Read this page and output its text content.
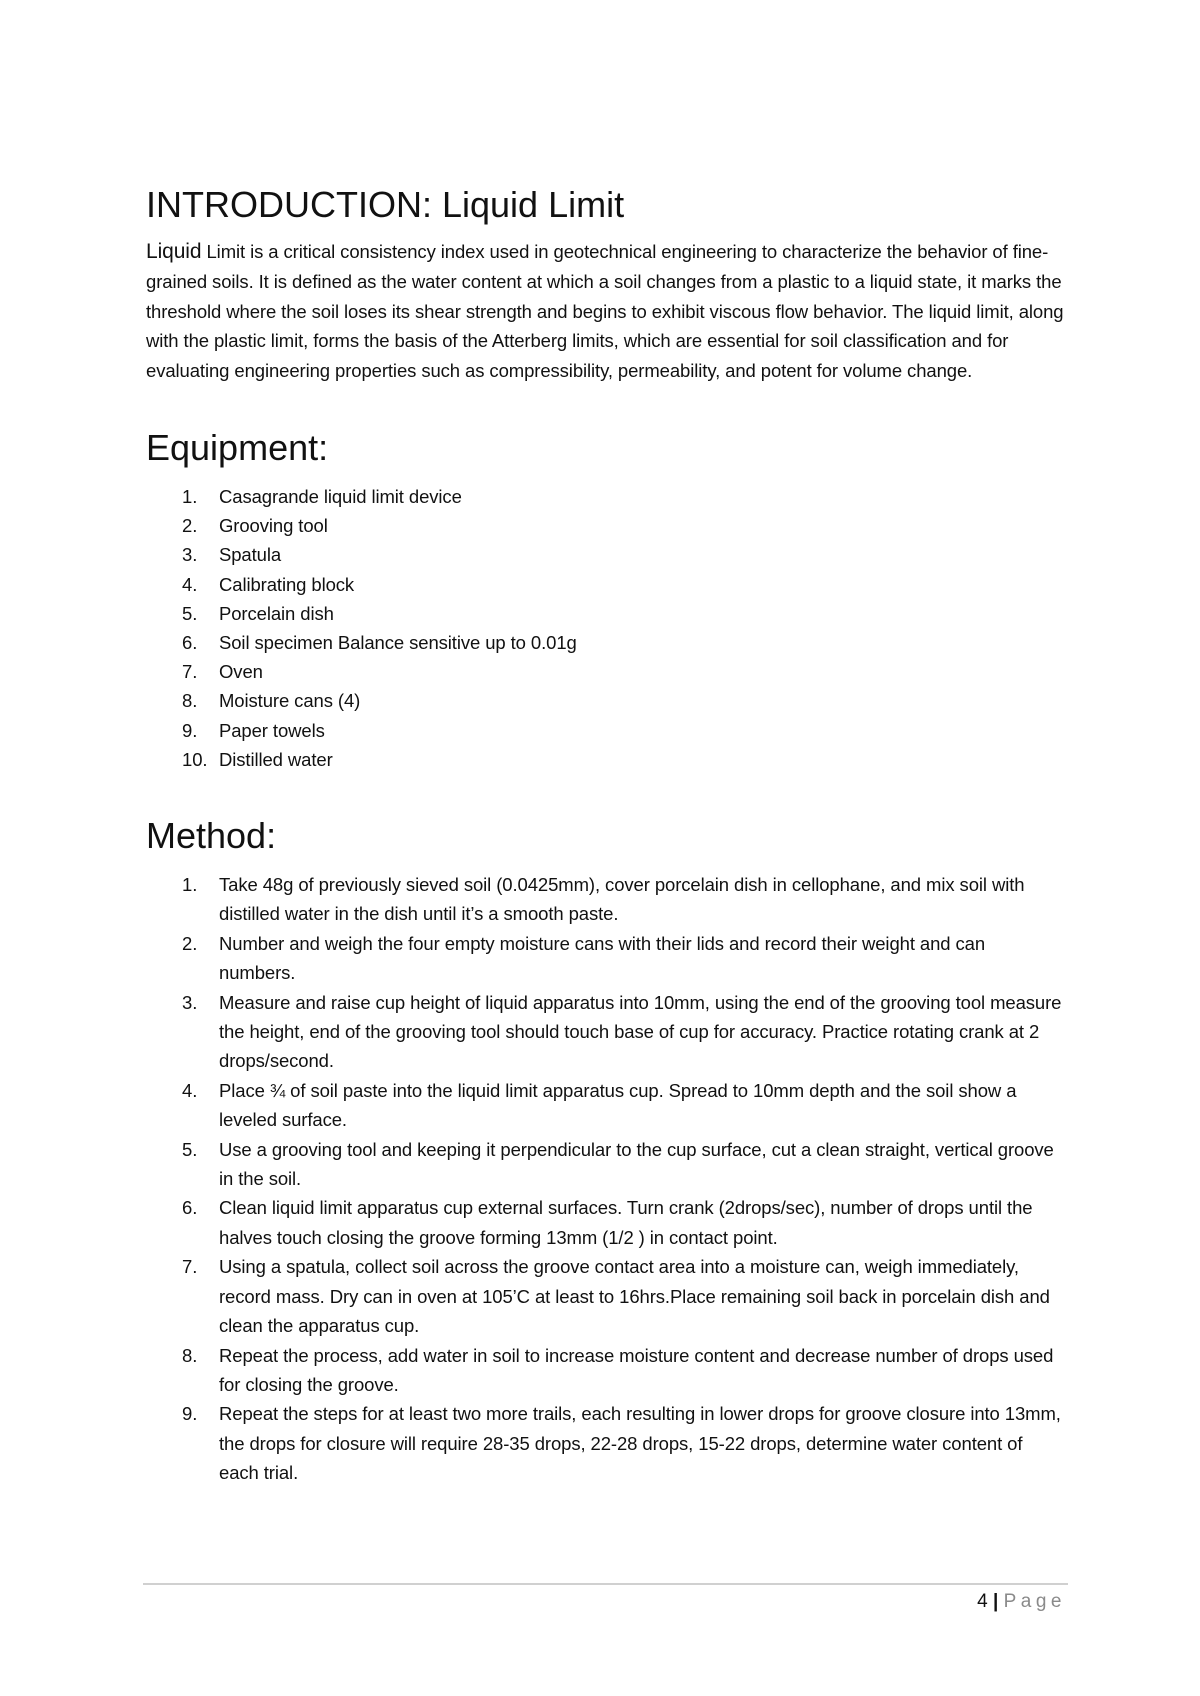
INTRODUCTION: Liquid Limit

Liquid Limit is a critical consistency index used in geotechnical engineering to characterize the behavior of fine-grained soils. It is defined as the water content at which a soil changes from a plastic to a liquid state, it marks the threshold where the soil loses its shear strength and begins to exhibit viscous flow behavior. The liquid limit, along with the plastic limit, forms the basis of the Atterberg limits, which are essential for soil classification and for evaluating engineering properties such as compressibility, permeability, and potent for volume change.

Equipment:
1.	Casagrande liquid limit device
2.	Grooving tool
3.	Spatula
4.	Calibrating block
5.	Porcelain dish
6.	Soil specimen Balance sensitive up to 0.01g
7.	Oven
8.	Moisture cans (4)
9.	Paper towels
10. Distilled water
Method:
1.	Take 48g of previously sieved soil (0.0425mm), cover porcelain dish in cellophane, and mix soil with distilled water in the dish until it’s a smooth paste.
2.	Number and weigh the four empty moisture cans with their lids and record their weight and can numbers.
3.	Measure and raise cup height of liquid apparatus into 10mm, using the end of the grooving tool measure the height, end of the grooving tool should touch base of cup for accuracy. Practice rotating crank at 2 drops/second.
4.	Place ¾ of soil paste into the liquid limit apparatus cup. Spread to 10mm depth and the soil show a leveled surface.
5.	Use a grooving tool and keeping it perpendicular to the cup surface, cut a clean straight, vertical groove in the soil.
6.	Clean liquid limit apparatus cup external surfaces. Turn crank (2drops/sec), number of drops until the halves touch closing the groove forming 13mm (1/2 ) in contact point.
7.	Using a spatula, collect soil across the groove contact area into a moisture can, weigh immediately, record mass. Dry can in oven at 105’C at least to 16hrs.Place remaining soil back in porcelain dish and clean the apparatus cup.
8.	Repeat the process, add water in soil to increase moisture content and decrease number of drops used for closing the groove.
9.	Repeat the steps for at least two more trails, each resulting in lower drops for groove closure into 13mm, the drops for closure will require 28-35 drops, 22-28 drops, 15-22 drops, determine water content of each trial.
4 | Page
